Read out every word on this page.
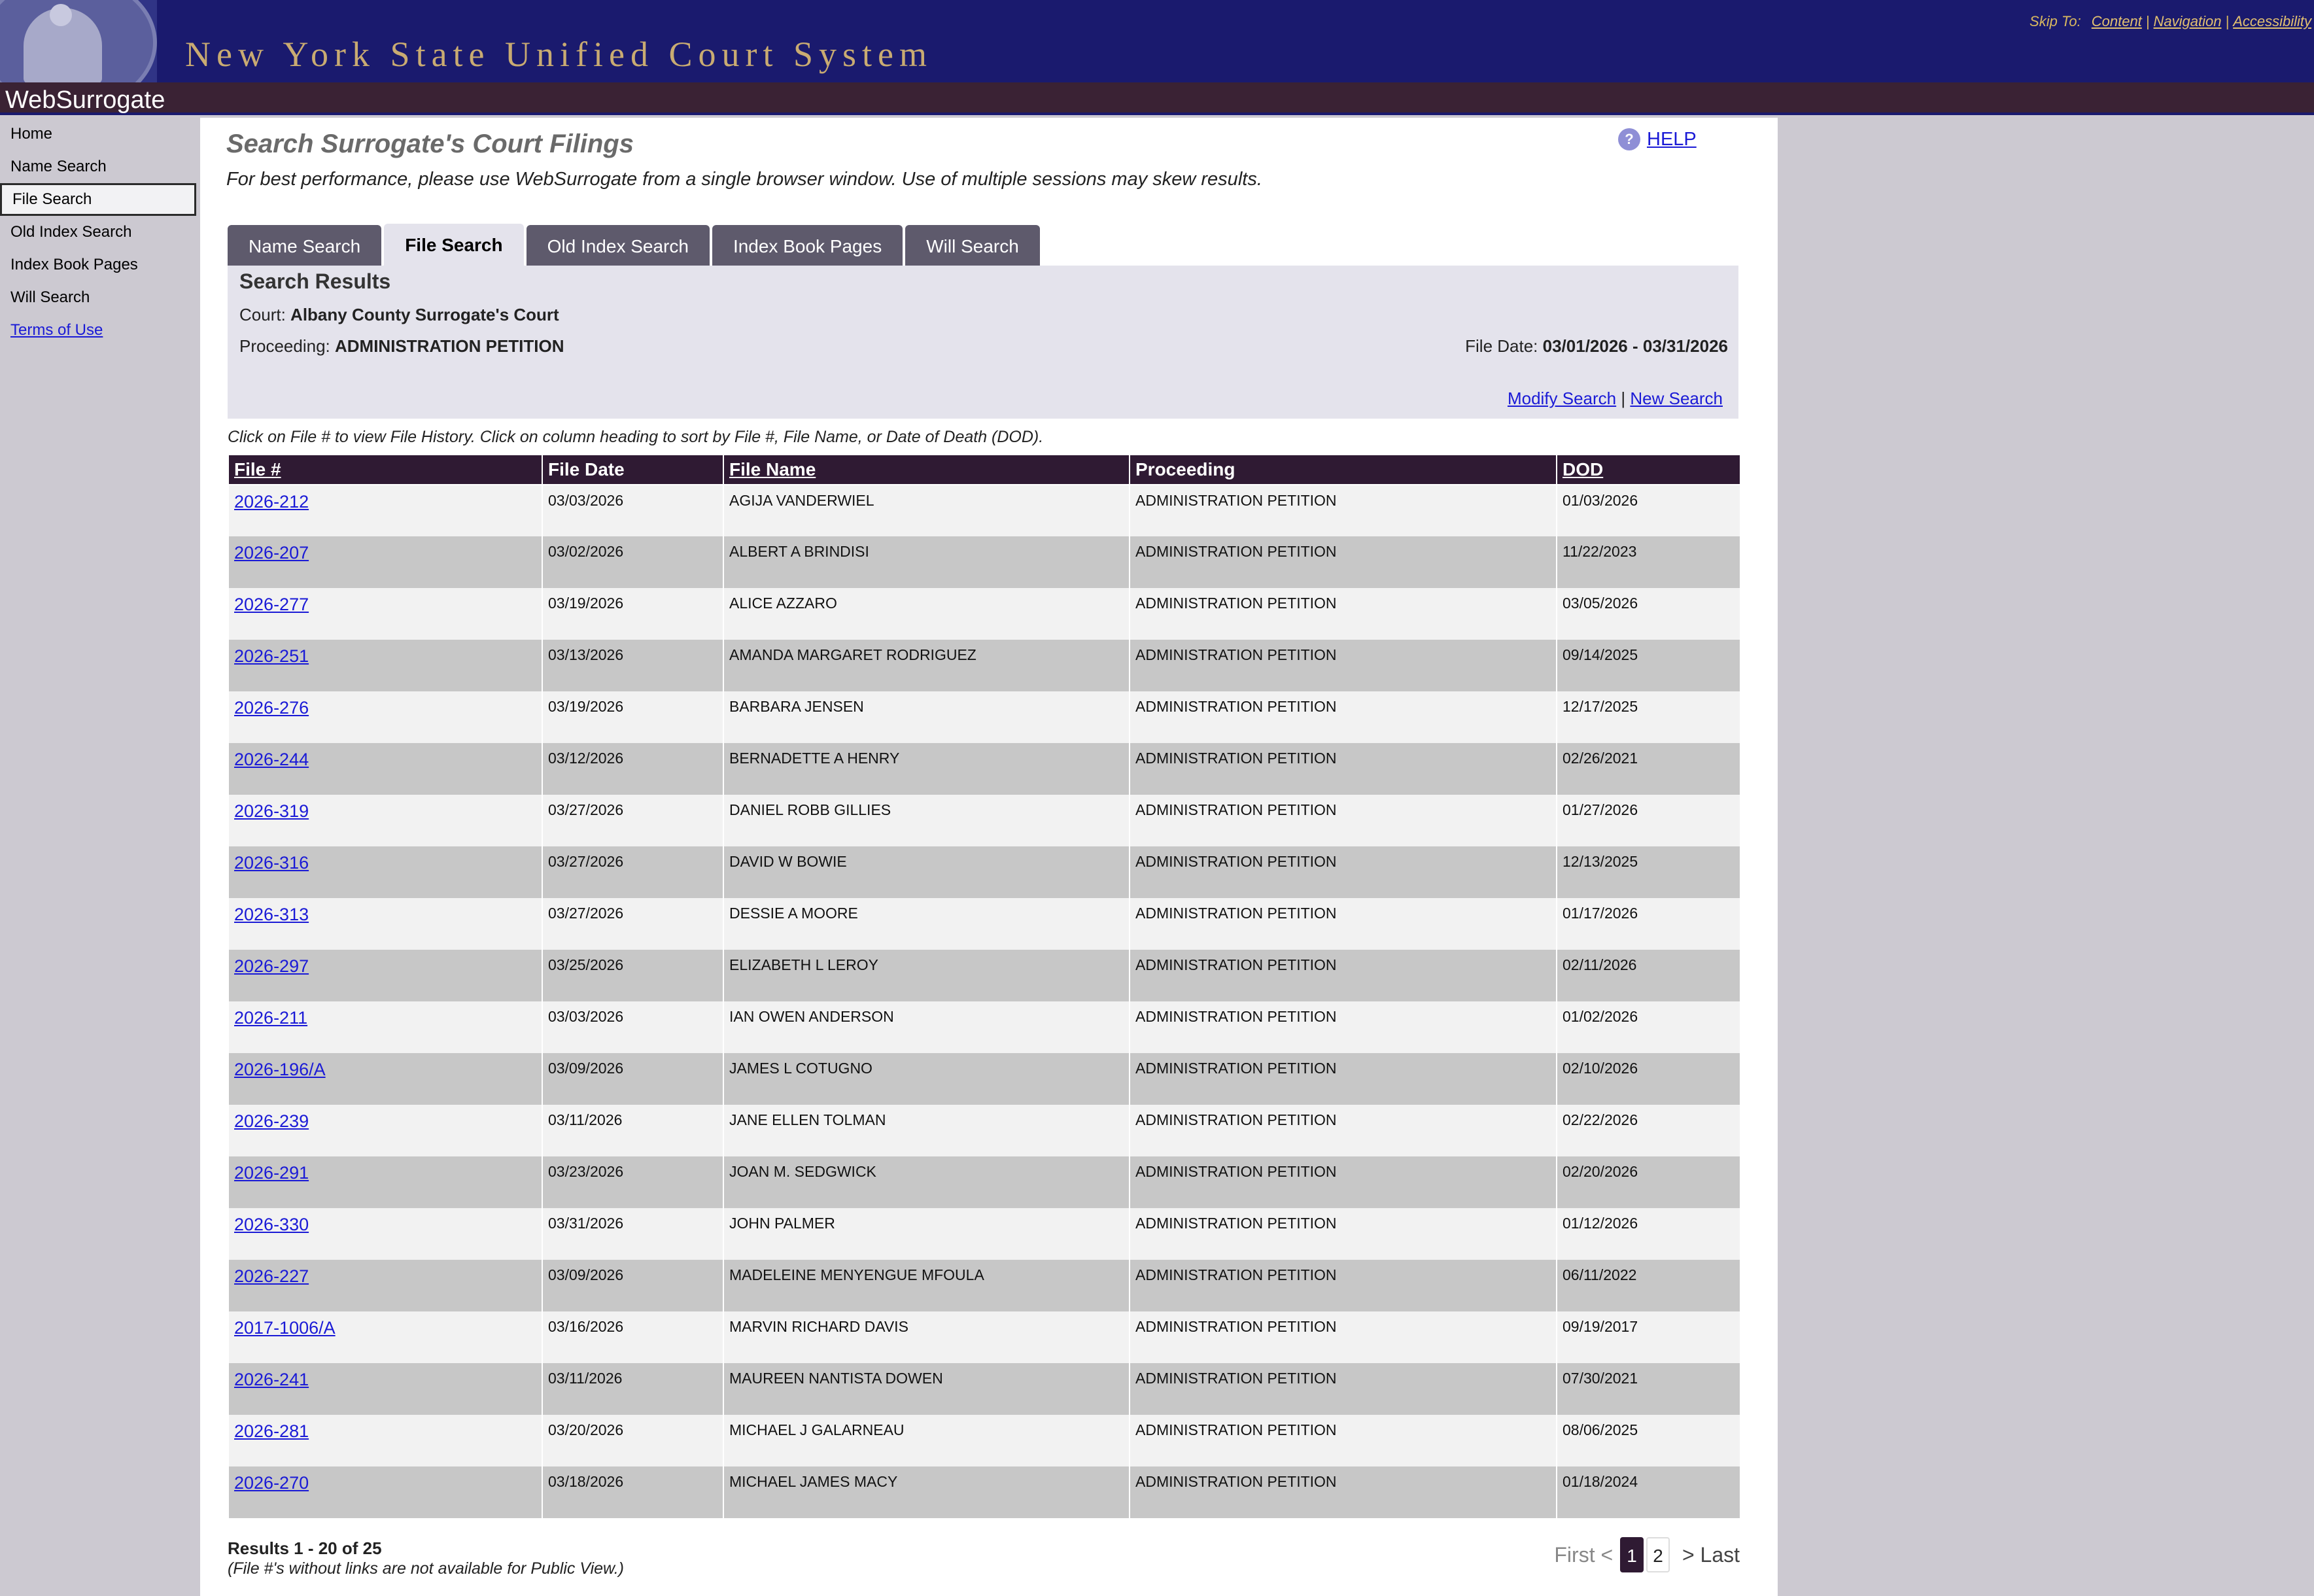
New York State Unified Court System
Skip To: Content | Navigation | Accessibility
WebSurrogate
Home
Name Search
File Search
Old Index Search
Index Book Pages
Will Search
Terms of Use
Search Surrogate's Court Filings
For best performance, please use WebSurrogate from a single browser window. Use of multiple sessions may skew results.
? HELP
Name Search File Search Old Index Search Index Book Pages Will Search
Search Results
Court: Albany County Surrogate's Court
Proceeding: ADMINISTRATION PETITION	File Date: 03/01/2026 - 03/31/2026
Modify Search | New Search
Click on File # to view File History. Click on column heading to sort by File #, File Name, or Date of Death (DOD).
File #	File Date	File Name	Proceeding	DOD
2026-212	03/03/2026	AGIJA VANDERWIEL	ADMINISTRATION PETITION	01/03/2026
2026-207	03/02/2026	ALBERT A BRINDISI	ADMINISTRATION PETITION	11/22/2023
2026-277	03/19/2026	ALICE AZZARO	ADMINISTRATION PETITION	03/05/2026
2026-251	03/13/2026	AMANDA MARGARET RODRIGUEZ	ADMINISTRATION PETITION	09/14/2025
2026-276	03/19/2026	BARBARA JENSEN	ADMINISTRATION PETITION	12/17/2025
2026-244	03/12/2026	BERNADETTE A HENRY	ADMINISTRATION PETITION	02/26/2021
2026-319	03/27/2026	DANIEL ROBB GILLIES	ADMINISTRATION PETITION	01/27/2026
2026-316	03/27/2026	DAVID W BOWIE	ADMINISTRATION PETITION	12/13/2025
2026-313	03/27/2026	DESSIE A MOORE	ADMINISTRATION PETITION	01/17/2026
2026-297	03/25/2026	ELIZABETH L LEROY	ADMINISTRATION PETITION	02/11/2026
2026-211	03/03/2026	IAN OWEN ANDERSON	ADMINISTRATION PETITION	01/02/2026
2026-196/A	03/09/2026	JAMES L COTUGNO	ADMINISTRATION PETITION	02/10/2026
2026-239	03/11/2026	JANE ELLEN TOLMAN	ADMINISTRATION PETITION	02/22/2026
2026-291	03/23/2026	JOAN M. SEDGWICK	ADMINISTRATION PETITION	02/20/2026
2026-330	03/31/2026	JOHN PALMER	ADMINISTRATION PETITION	01/12/2026
2026-227	03/09/2026	MADELEINE MENYENGUE MFOULA	ADMINISTRATION PETITION	06/11/2022
2017-1006/A	03/16/2026	MARVIN RICHARD DAVIS	ADMINISTRATION PETITION	09/19/2017
2026-241	03/11/2026	MAUREEN NANTISTA DOWEN	ADMINISTRATION PETITION	07/30/2021
2026-281	03/20/2026	MICHAEL J GALARNEAU	ADMINISTRATION PETITION	08/06/2025
2026-270	03/18/2026	MICHAEL JAMES MACY	ADMINISTRATION PETITION	01/18/2024
Results 1 - 20 of 25
(File #'s without links are not available for Public View.)
First < 1 2 > Last
